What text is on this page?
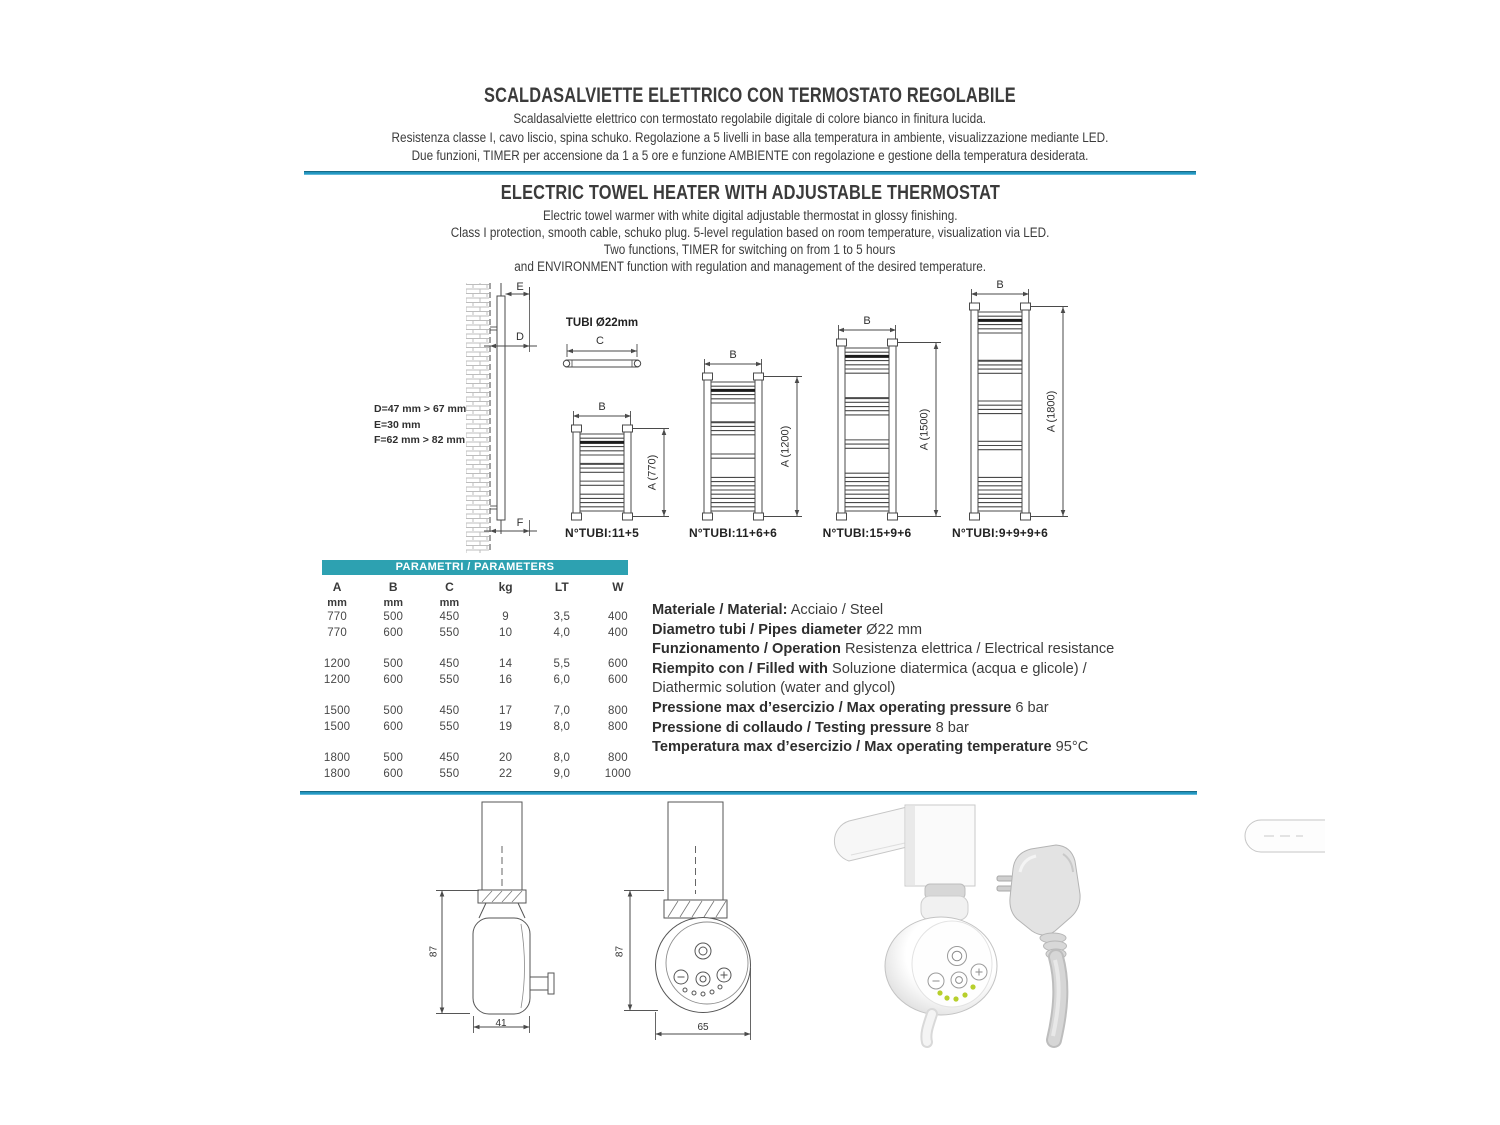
SCALDASALVIETTE ELETTRICO CON TERMOSTATO REGOLABILE

Scaldasalviette elettrico con termostato regolabile digitale di colore bianco in finitura lucida.

Resistenza classe I, cavo liscio, spina schuko. Regolazione a 5 livelli in base alla temperatura in ambiente, visualizzazione mediante LED.

Due funzioni, TIMER per accensione da 1 a 5 ore e funzione AMBIENTE con regolazione e gestione della temperatura desiderata.

ELECTRIC TOWEL HEATER WITH ADJUSTABLE THERMOSTAT

Electric towel warmer with white digital adjustable thermostat in glossy finishing.

Class I protection, smooth cable, schuko plug. 5-level regulation based on room temperature, visualization via LED.

Two functions, TIMER for switching on from 1 to 5 hours

and ENVIRONMENT function with regulation and management of the desired temperature.

E
D
F
D=47 mm > 67 mm
E=30 mm
F=62 mm > 82 mm
TUBI Ø22mm
C
87
41
87
65
PARAMETRI / PARAMETERS
A	B	C	kg	LT	W
mm	mm	mm
770	500	450	9	3,5	400
770	600	550	10	4,0	400
1200	500	450	14	5,5	600
1200	600	550	16	6,0	600
1500	500	450	17	7,0	800
1500	600	550	19	8,0	800
1800	500	450	20	8,0	800
1800	600	550	22	9,0	1000
Materiale / Material: Acciaio / Steel
Diametro tubi / Pipes diameter Ø22 mm
Funzionamento / Operation Resistenza elettrica / Electrical resistance
Riempito con / Filled with Soluzione diatermica (acqua e glicole) /
Diathermic solution (water and glycol)
Pressione max d’esercizio / Max operating pressure 6 bar
Pressione di collaudo / Testing pressure 8 bar
Temperatura max d’esercizio / Max operating temperature 95°C
B
A (770)
N°TUBI:11+5
B
A (1200)
N°TUBI:11+6+6
B
A (1500)
N°TUBI:15+9+6
B
A (1800)
N°TUBI:9+9+9+6
